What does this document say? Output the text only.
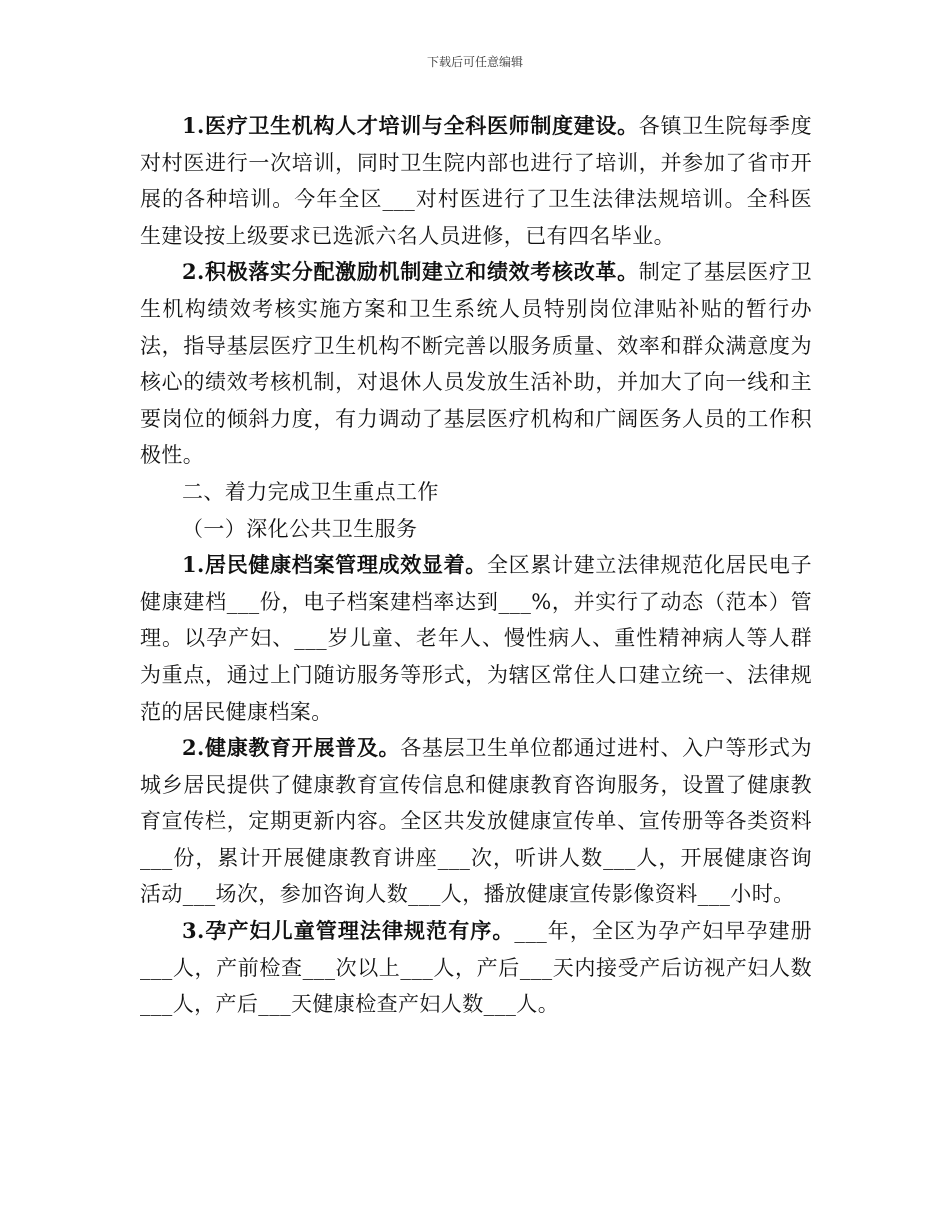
下载后可任意编辑

1.医疗卫生机构人才培训与全科医师制度建设。各镇卫生院每季度对村医进行一次培训，同时卫生院内部也进行了培训，并参加了省市开展的各种培训。今年全区___对村医进行了卫生法律法规培训。全科医生建设按上级要求已选派六名人员进修，已有四名毕业。

2.积极落实分配激励机制建立和绩效考核改革。制定了基层医疗卫生机构绩效考核实施方案和卫生系统人员特别岗位津贴补贴的暂行办法，指导基层医疗卫生机构不断完善以服务质量、效率和群众满意度为核心的绩效考核机制，对退休人员发放生活补助，并加大了向一线和主要岗位的倾斜力度，有力调动了基层医疗机构和广阔医务人员的工作积极性。

二、着力完成卫生重点工作

（一）深化公共卫生服务

1.居民健康档案管理成效显着。全区累计建立法律规范化居民电子健康建档___份，电子档案建档率达到___%，并实行了动态（范本）管理。以孕产妇、___岁儿童、老年人、慢性病人、重性精神病人等人群为重点，通过上门随访服务等形式，为辖区常住人口建立统一、法律规范的居民健康档案。

2.健康教育开展普及。各基层卫生单位都通过进村、入户等形式为城乡居民提供了健康教育宣传信息和健康教育咨询服务，设置了健康教育宣传栏，定期更新内容。全区共发放健康宣传单、宣传册等各类资料___份，累计开展健康教育讲座___次，听讲人数___人，开展健康咨询活动___场次，参加咨询人数___人，播放健康宣传影像资料___小时。

3.孕产妇儿童管理法律规范有序。___年，全区为孕产妇早孕建册___人，产前检查___次以上___人，产后___天内接受产后访视产妇人数___人，产后___天健康检查产妇人数___人。
